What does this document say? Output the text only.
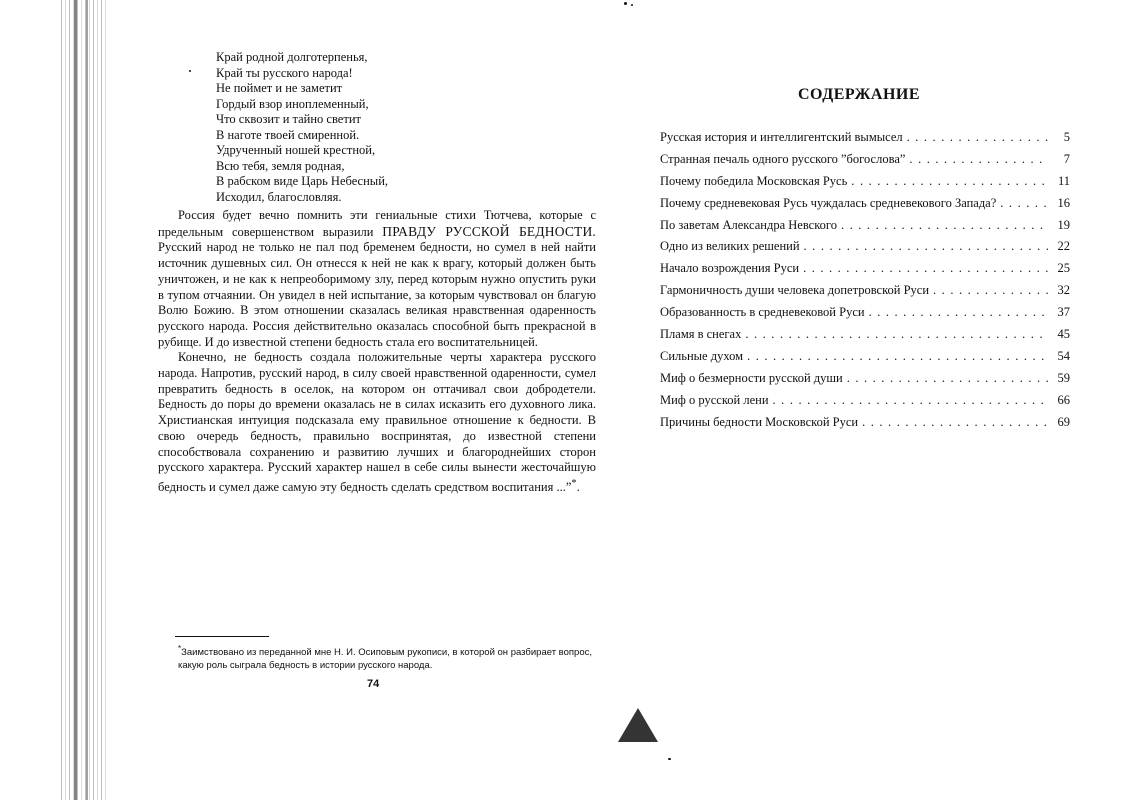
Край родной долготерпенья,
Край ты русского народа!
Не поймет и не заметит
Гордый взор иноплеменный,
Что сквозит и тайно светит
В наготе твоей смиренной.
Удрученный ношей крестной,
Всю тебя, земля родная,
В рабском виде Царь Небесный,
Исходил, благословляя.

Россия будет вечно помнить эти гениальные стихи Тютчева, которые с предельным совершенством выразили ПРАВДУ РУССКОЙ БЕДНОСТИ. Русский народ не только не пал под бременем бедности, но сумел в ней найти источник душевных сил. Он отнесся к ней не как к врагу, который должен быть уничтожен, и не как к непреоборимому злу, перед которым нужно опустить руки в тупом отчаянии. Он увидел в ней испытание, за которым чувствовал он благую Волю Божию. В этом отношении сказалась великая нравственная одаренность русского народа. Россия действительно оказалась способной быть прекрасной в рубище. И до известной степени бедность стала его воспитательницей.

Конечно, не бедность создала положительные черты характера русского народа. Напротив, русский народ, в силу своей нравственной одаренности, сумел превратить бедность в оселок, на котором он оттачивал свои добродетели. Бедность до поры до времени оказалась не в силах исказить его духовного лика. Христианская интуиция подсказала ему правильное отношение к бедности. В свою очередь бедность, правильно воспринятая, до известной степени способствовала сохранению и развитию лучших и благороднейших сторон русского характера. Русский характер нашел в себе силы вынести жесточайшую бедность и сумел даже самую эту бедность сделать средством воспитания ...”*.

*Заимствовано из переданной мне Н. И. Осиповым рукописи, в которой он разбирает вопрос, какую роль сыграла бедность в истории русского народа.
74
СОДЕРЖАНИЕ
Русская история и интеллигентский вымысел . . .	5
Странная печаль одного русского ”богослова” . . .	7
Почему победила Московская Русь . . .	11
Почему средневековая Русь чуждалась средневекового Запада? . . .	16
По заветам Александра Невского . . .	19
Одно из великих решений . . .	22
Начало возрождения Руси . . .	25
Гармоничность души человека допетровской Руси . . .	32
Образованность в средневековой Руси . . .	37
Пламя в снегах . . .	45
Сильные духом . . .	54
Миф о безмерности русской души . . .	59
Миф о русской лени . . .	66
Причины бедности Московской Руси . . .	69
